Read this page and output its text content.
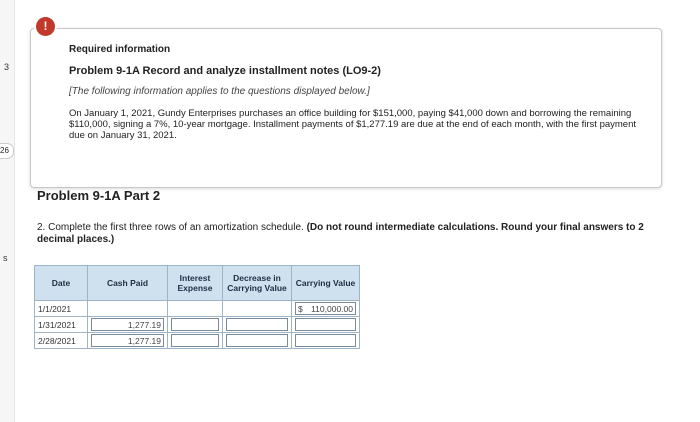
3
s
26
!
Required information
Problem 9-1A Record and analyze installment notes (LO9-2)
[The following information applies to the questions displayed below.]
On January 1, 2021, Gundy Enterprises purchases an office building for $151,000, paying $41,000 down and borrowing the remaining $110,000, signing a 7%, 10-year mortgage. Installment payments of $1,277.19 are due at the end of each month, with the first payment due on January 31, 2021.
Problem 9-1A Part 2
2. Complete the first three rows of an amortization schedule. (Do not round intermediate calculations. Round your final answers to 2 decimal places.)
Date	Cash Paid	Interest Expense	Decrease in Carrying Value	Carrying Value
1/1/2021				$ 110,000.00

1/31/2021	1,277.19			

2/28/2021	1,277.19			
